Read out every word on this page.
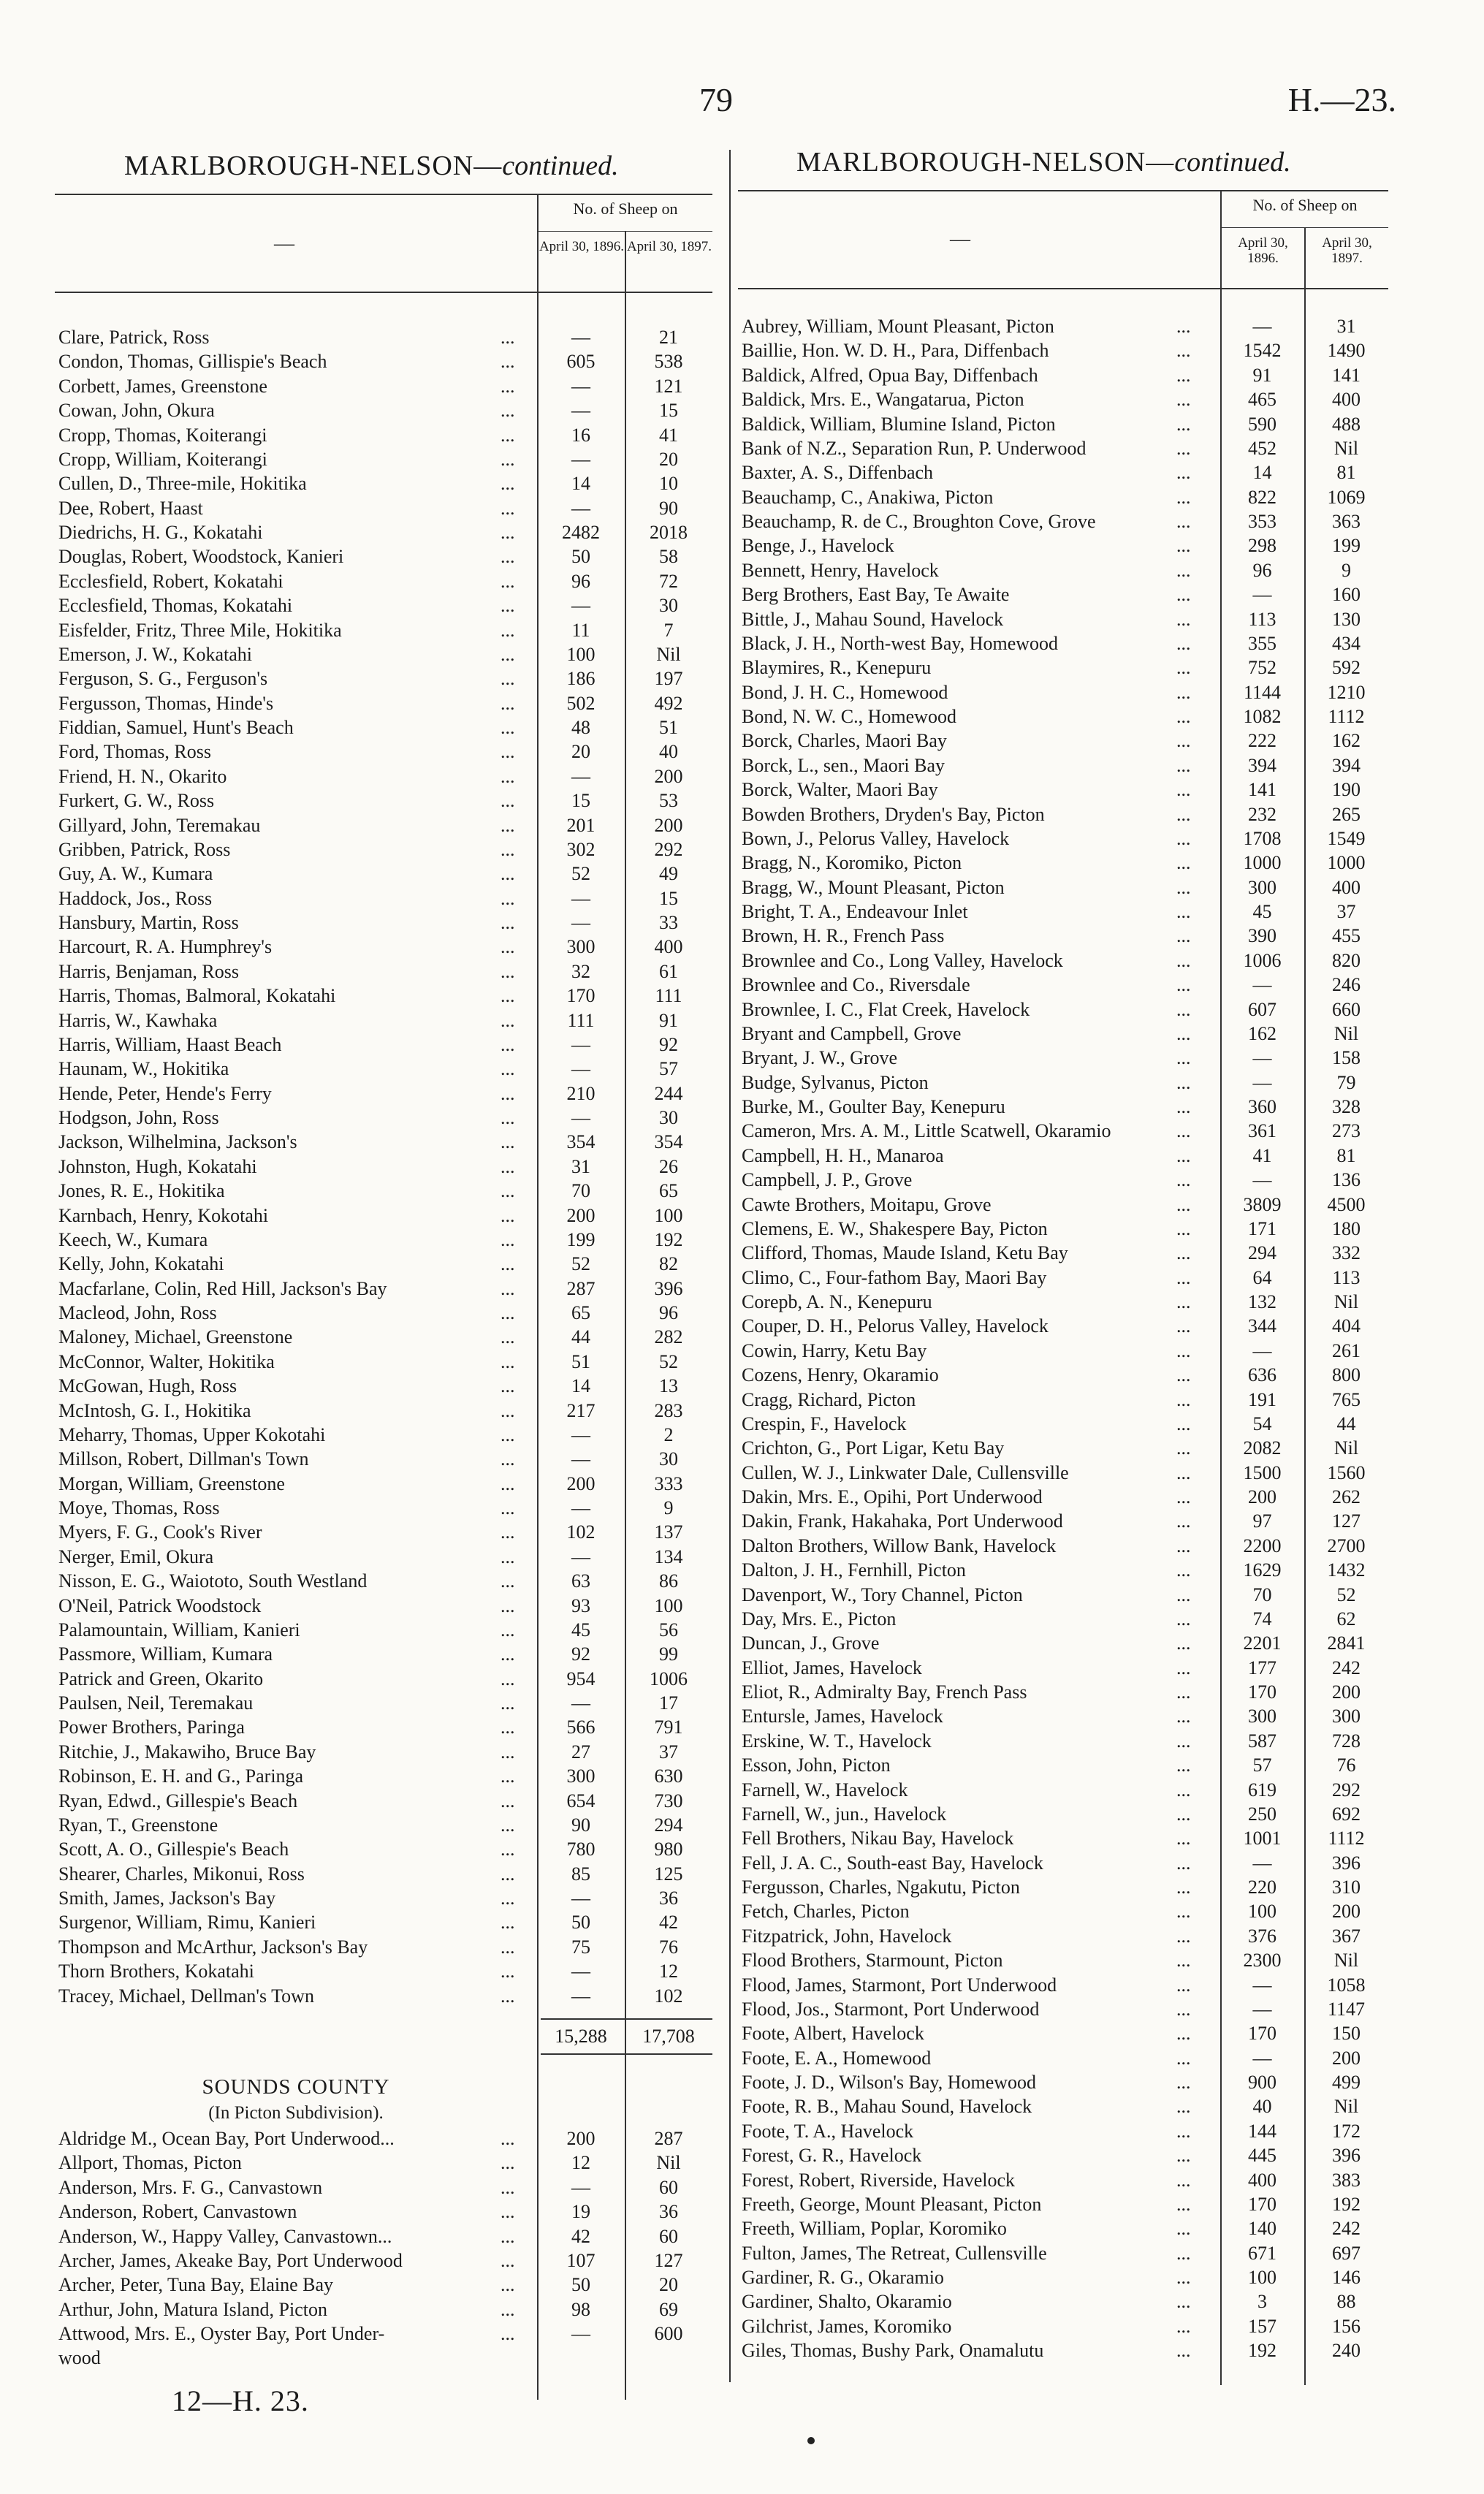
79	H.—23.
MARLBOROUGH-NELSON—continued.
—
No. of Sheep on
April 30, 1896. April 30, 1897.
Clare, Patrick, Ross	...	—	21
Condon, Thomas, Gillispie's Beach	...	605	538
Corbett, James, Greenstone	...	—	121
Cowan, John, Okura	...	—	15
Cropp, Thomas, Koiterangi	...	16	41
Cropp, William, Koiterangi	...	—	20
Cullen, D., Three-mile, Hokitika	...	14	10
Dee, Robert, Haast	...	—	90
Diedrichs, H. G., Kokatahi	...	2482	2018
Douglas, Robert, Woodstock, Kanieri	...	50	58
Ecclesfield, Robert, Kokatahi	...	96	72
Ecclesfield, Thomas, Kokatahi	...	—	30
Eisfelder, Fritz, Three Mile, Hokitika	...	11	7
Emerson, J. W., Kokatahi	...	100	Nil
Ferguson, S. G., Ferguson's	...	186	197
Fergusson, Thomas, Hinde's	...	502	492
Fiddian, Samuel, Hunt's Beach	...	48	51
Ford, Thomas, Ross	...	20	40
Friend, H. N., Okarito	...	—	200
Furkert, G. W., Ross	...	15	53
Gillyard, John, Teremakau	...	201	200
Gribben, Patrick, Ross	...	302	292
Guy, A. W., Kumara	...	52	49
Haddock, Jos., Ross	...	—	15
Hansbury, Martin, Ross	...	—	33
Harcourt, R. A. Humphrey's	...	300	400
Harris, Benjaman, Ross	...	32	61
Harris, Thomas, Balmoral, Kokatahi	...	170	111
Harris, W., Kawhaka	...	111	91
Harris, William, Haast Beach	...	—	92
Haunam, W., Hokitika	...	—	57
Hende, Peter, Hende's Ferry	...	210	244
Hodgson, John, Ross	...	—	30
Jackson, Wilhelmina, Jackson's	...	354	354
Johnston, Hugh, Kokatahi	...	31	26
Jones, R. E., Hokitika	...	70	65
Karnbach, Henry, Kokotahi	...	200	100
Keech, W., Kumara	...	199	192
Kelly, John, Kokatahi	...	52	82
Macfarlane, Colin, Red Hill, Jackson's Bay	...	287	396
Macleod, John, Ross	...	65	96
Maloney, Michael, Greenstone	...	44	282
McConnor, Walter, Hokitika	...	51	52
McGowan, Hugh, Ross	...	14	13
McIntosh, G. I., Hokitika	...	217	283
Meharry, Thomas, Upper Kokotahi	...	—	2
Millson, Robert, Dillman's Town	...	—	30
Morgan, William, Greenstone	...	200	333
Moye, Thomas, Ross	...	—	9
Myers, F. G., Cook's River	...	102	137
Nerger, Emil, Okura	...	—	134
Nisson, E. G., Waiototo, South Westland	...	63	86
O'Neil, Patrick Woodstock	...	93	100
Palamountain, William, Kanieri	...	45	56
Passmore, William, Kumara	...	92	99
Patrick and Green, Okarito	...	954	1006
Paulsen, Neil, Teremakau	...	—	17
Power Brothers, Paringa	...	566	791
Ritchie, J., Makawiho, Bruce Bay	...	27	37
Robinson, E. H. and G., Paringa	...	300	630
Ryan, Edwd., Gillespie's Beach	...	654	730
Ryan, T., Greenstone	...	90	294
Scott, A. O., Gillespie's Beach	...	780	980
Shearer, Charles, Mikonui, Ross	...	85	125
Smith, James, Jackson's Bay	...	—	36
Surgenor, William, Rimu, Kanieri	...	50	42
Thompson and McArthur, Jackson's Bay	...	75	76
Thorn Brothers, Kokatahi	...	—	12
Tracey, Michael, Dellman's Town	...	—	102
15,288	17,708
SOUNDS COUNTY
(In Picton Subdivision).
Aldridge M., Ocean Bay, Port Underwood...	...	200	287
Allport, Thomas, Picton	...	12	Nil
Anderson, Mrs. F. G., Canvastown	...	—	60
Anderson, Robert, Canvastown	...	19	36
Anderson, W., Happy Valley, Canvastown...	...	42	60
Archer, James, Akeake Bay, Port Underwood	...	107	127
Archer, Peter, Tuna Bay, Elaine Bay	...	50	20
Arthur, John, Matura Island, Picton	...	98	69
Attwood, Mrs. E., Oyster Bay, Port Under-	...	—	600
wood
12—H. 23.
MARLBOROUGH-NELSON—continued.
—
No. of Sheep on
April 30, 1896.
April 30, 1897.
Aubrey, William, Mount Pleasant, Picton	...	—	31
Baillie, Hon. W. D. H., Para, Diffenbach	...	1542	1490
Baldick, Alfred, Opua Bay, Diffenbach	...	91	141
Baldick, Mrs. E., Wangatarua, Picton	...	465	400
Baldick, William, Blumine Island, Picton	...	590	488
Bank of N.Z., Separation Run, P. Underwood	...	452	Nil
Baxter, A. S., Diffenbach	...	14	81
Beauchamp, C., Anakiwa, Picton	...	822	1069
Beauchamp, R. de C., Broughton Cove, Grove	...	353	363
Benge, J., Havelock	...	298	199
Bennett, Henry, Havelock	...	96	9
Berg Brothers, East Bay, Te Awaite	...	—	160
Bittle, J., Mahau Sound, Havelock	...	113	130
Black, J. H., North-west Bay, Homewood	...	355	434
Blaymires, R., Kenepuru	...	752	592
Bond, J. H. C., Homewood	...	1144	1210
Bond, N. W. C., Homewood	...	1082	1112
Borck, Charles, Maori Bay	...	222	162
Borck, L., sen., Maori Bay	...	394	394
Borck, Walter, Maori Bay	...	141	190
Bowden Brothers, Dryden's Bay, Picton	...	232	265
Bown, J., Pelorus Valley, Havelock	...	1708	1549
Bragg, N., Koromiko, Picton	...	1000	1000
Bragg, W., Mount Pleasant, Picton	...	300	400
Bright, T. A., Endeavour Inlet	...	45	37
Brown, H. R., French Pass	...	390	455
Brownlee and Co., Long Valley, Havelock	...	1006	820
Brownlee and Co., Riversdale	...	—	246
Brownlee, I. C., Flat Creek, Havelock	...	607	660
Bryant and Campbell, Grove	...	162	Nil
Bryant, J. W., Grove	...	—	158
Budge, Sylvanus, Picton	...	—	79
Burke, M., Goulter Bay, Kenepuru	...	360	328
Cameron, Mrs. A. M., Little Scatwell, Okaramio	...	361	273
Campbell, H. H., Manaroa	...	41	81
Campbell, J. P., Grove	...	—	136
Cawte Brothers, Moitapu, Grove	...	3809	4500
Clemens, E. W., Shakespere Bay, Picton	...	171	180
Clifford, Thomas, Maude Island, Ketu Bay	...	294	332
Climo, C., Four-fathom Bay, Maori Bay	...	64	113
Corepb, A. N., Kenepuru	...	132	Nil
Couper, D. H., Pelorus Valley, Havelock	...	344	404
Cowin, Harry, Ketu Bay	...	—	261
Cozens, Henry, Okaramio	...	636	800
Cragg, Richard, Picton	...	191	765
Crespin, F., Havelock	...	54	44
Crichton, G., Port Ligar, Ketu Bay	...	2082	Nil
Cullen, W. J., Linkwater Dale, Cullensville	...	1500	1560
Dakin, Mrs. E., Opihi, Port Underwood	...	200	262
Dakin, Frank, Hakahaka, Port Underwood	...	97	127
Dalton Brothers, Willow Bank, Havelock	...	2200	2700
Dalton, J. H., Fernhill, Picton	...	1629	1432
Davenport, W., Tory Channel, Picton	...	70	52
Day, Mrs. E., Picton	...	74	62
Duncan, J., Grove	...	2201	2841
Elliot, James, Havelock	...	177	242
Eliot, R., Admiralty Bay, French Pass	...	170	200
Entursle, James, Havelock	...	300	300
Erskine, W. T., Havelock	...	587	728
Esson, John, Picton	...	57	76
Farnell, W., Havelock	...	619	292
Farnell, W., jun., Havelock	...	250	692
Fell Brothers, Nikau Bay, Havelock	...	1001	1112
Fell, J. A. C., South-east Bay, Havelock	...	—	396
Fergusson, Charles, Ngakutu, Picton	...	220	310
Fetch, Charles, Picton	...	100	200
Fitzpatrick, John, Havelock	...	376	367
Flood Brothers, Starmount, Picton	...	2300	Nil
Flood, James, Starmont, Port Underwood	...	—	1058
Flood, Jos., Starmont, Port Underwood	...	—	1147
Foote, Albert, Havelock	...	170	150
Foote, E. A., Homewood	...	—	200
Foote, J. D., Wilson's Bay, Homewood	...	900	499
Foote, R. B., Mahau Sound, Havelock	...	40	Nil
Foote, T. A., Havelock	...	144	172
Forest, G. R., Havelock	...	445	396
Forest, Robert, Riverside, Havelock	...	400	383
Freeth, George, Mount Pleasant, Picton	...	170	192
Freeth, William, Poplar, Koromiko	...	140	242
Fulton, James, The Retreat, Cullensville	...	671	697
Gardiner, R. G., Okaramio	...	100	146
Gardiner, Shalto, Okaramio	...	3	88
Gilchrist, James, Koromiko	...	157	156
Giles, Thomas, Bushy Park, Onamalutu	...	192	240
